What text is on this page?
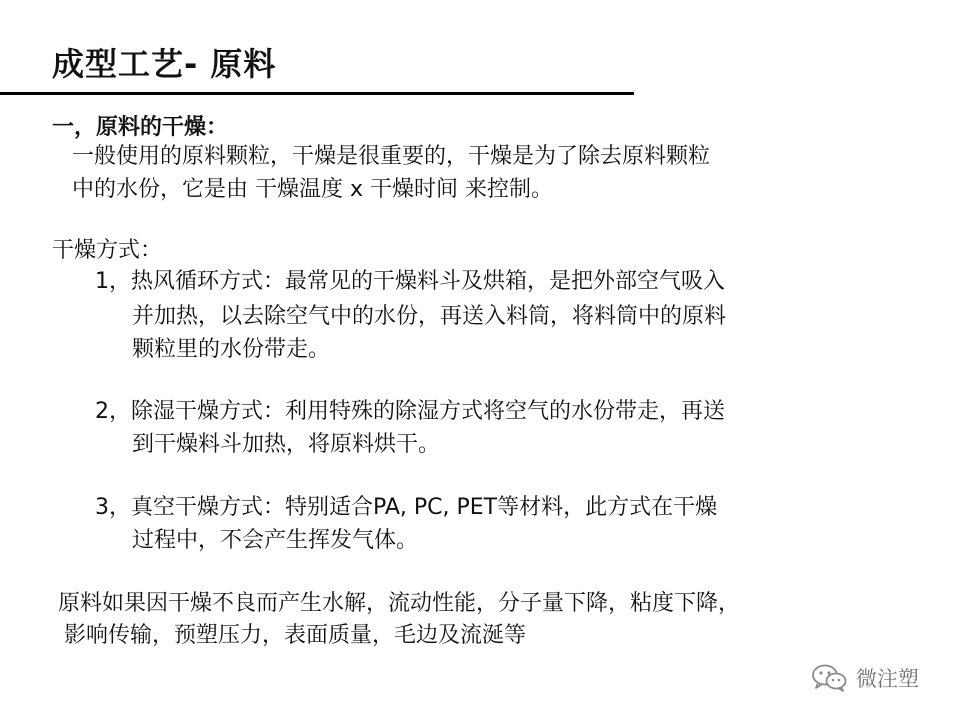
成型工艺- 原料
一，原料的干燥：
一般使用的原料颗粒，干燥是很重要的，干燥是为了除去原料颗粒
中的水份，它是由 干燥温度 x 干燥时间 来控制。
干燥方式：
1，热风循环方式：最常见的干燥料斗及烘箱，是把外部空气吸入
并加热，以去除空气中的水份，再送入料筒，将料筒中的原料
颗粒里的水份带走。
2，除湿干燥方式：利用特殊的除湿方式将空气的水份带走，再送
到干燥料斗加热，将原料烘干。
3，真空干燥方式：特别适合PA, PC, PET等材料，此方式在干燥
过程中，不会产生挥发气体。
原料如果因干燥不良而产生水解，流动性能，分子量下降，粘度下降，
影响传输，预塑压力，表面质量，毛边及流涎等
微注塑
